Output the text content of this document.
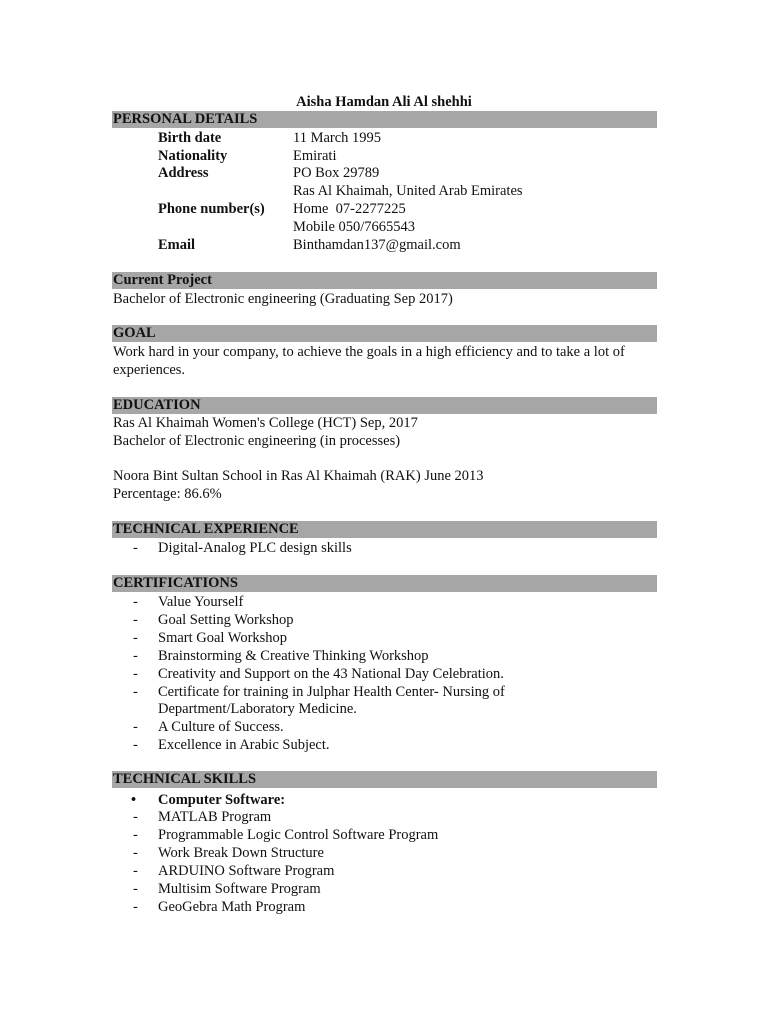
Aisha Hamdan Ali Al shehhi
PERSONAL DETAILS
Birth date	11 March 1995
Nationality	Emirati
Address	PO Box 29789
Ras Al Khaimah, United Arab Emirates
Phone number(s) Home  07-2277225
Mobile 050/7665543
Email	Binthamdan137@gmail.com
Current Project
Bachelor of Electronic engineering (Graduating Sep 2017)
GOAL
Work hard in your company, to achieve the goals in a high efficiency and to take a lot of
experiences.
EDUCATION
Ras Al Khaimah Women's College (HCT) Sep, 2017
Bachelor of Electronic engineering (in processes)
Noora Bint Sultan School in Ras Al Khaimah (RAK) June 2013
Percentage: 86.6%
TECHNICAL EXPERIENCE
- Digital-Analog PLC design skills
CERTIFICATIONS
- Value Yourself
- Goal Setting Workshop
- Smart Goal Workshop
- Brainstorming & Creative Thinking Workshop
- Creativity and Support on the 43 National Day Celebration.
- Certificate for training in Julphar Health Center- Nursing of
Department/Laboratory Medicine.
- A Culture of Success.
- Excellence in Arabic Subject.
TECHNICAL SKILLS
• Computer Software:
- MATLAB Program
- Programmable Logic Control Software Program
- Work Break Down Structure
- ARDUINO Software Program
- Multisim Software Program
- GeoGebra Math Program
